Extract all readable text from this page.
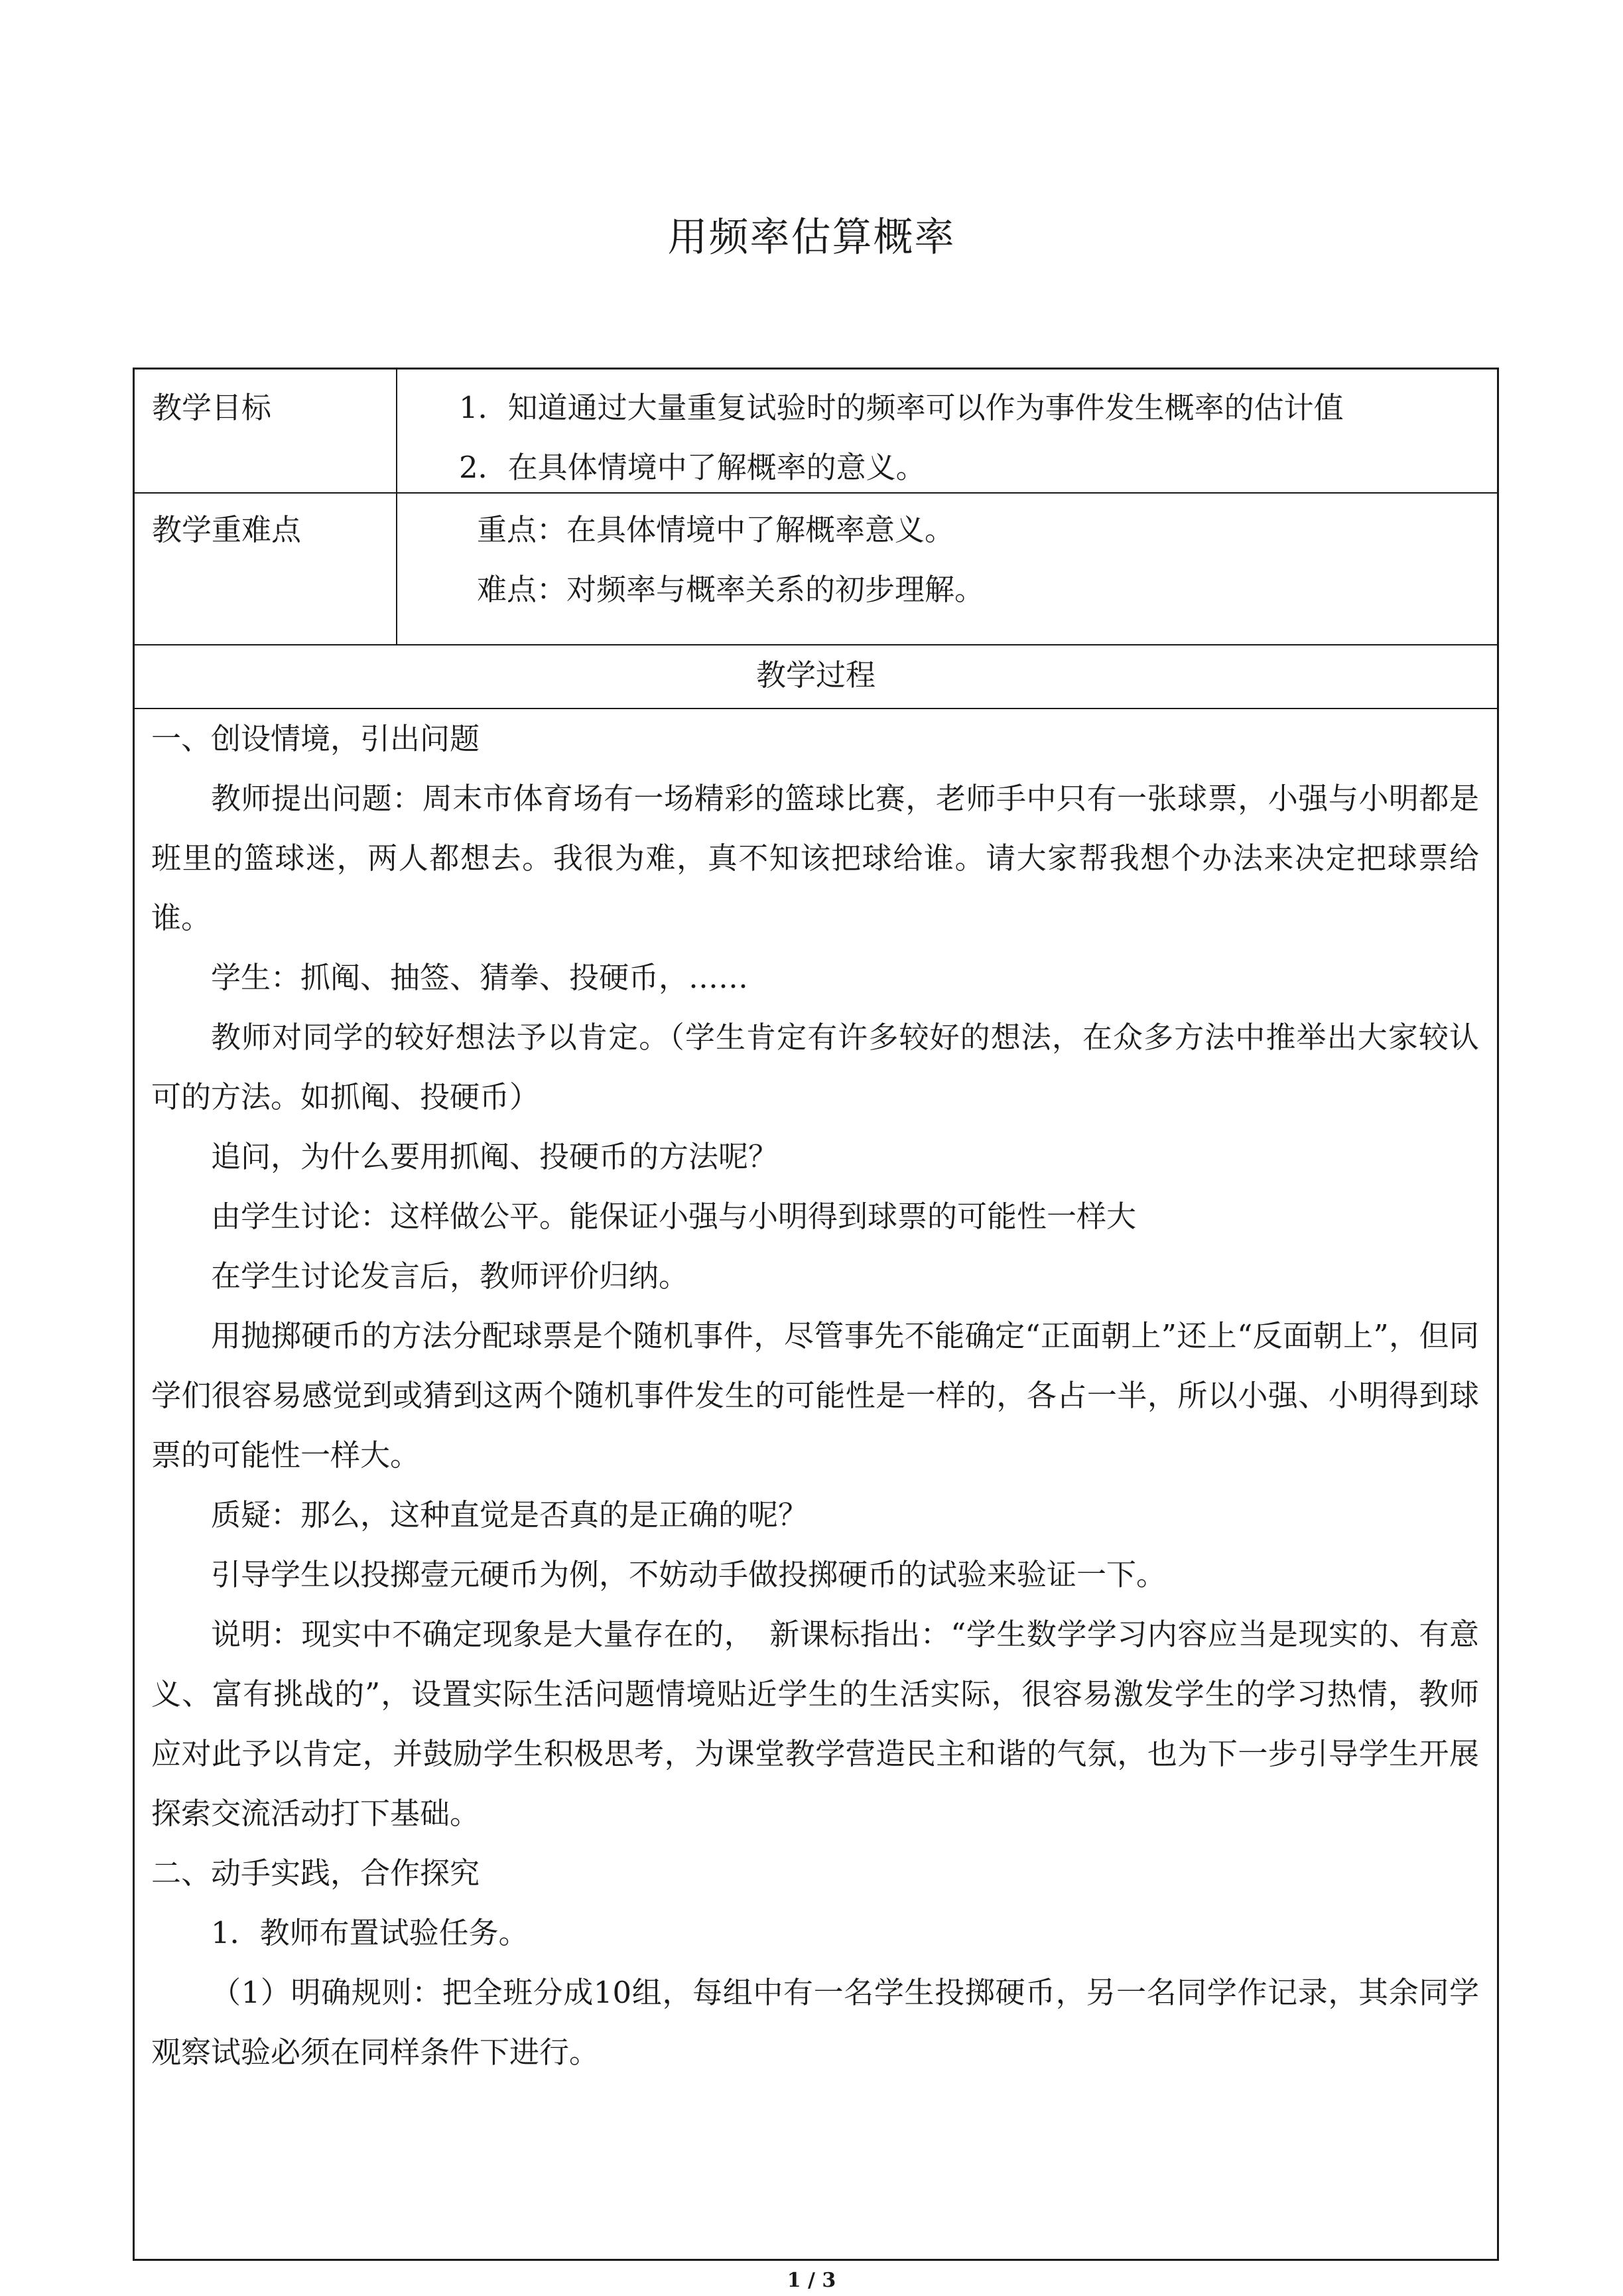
用频率估算概率
教学目标	1．知道通过大量重复试验时的频率可以作为事件发生概率的估计值
2．在具体情境中了解概率的意义。
教学重难点	重点：在具体情境中了解概率意义。
难点：对频率与概率关系的初步理解。
教学过程

一、创设情境，引出问题

教师提出问题：周末市体育场有一场精彩的篮球比赛，老师手中只有一张球票，小强与小明都是班里的篮球迷，两人都想去。我很为难，真不知该把球给谁。请大家帮我想个办法来决定把球票给谁。

学生：抓阄、抽签、猜拳、投硬币，……

教师对同学的较好想法予以肯定。（学生肯定有许多较好的想法，在众多方法中推举出大家较认可的方法。如抓阄、投硬币）

追问，为什么要用抓阄、投硬币的方法呢？

由学生讨论：这样做公平。能保证小强与小明得到球票的可能性一样大

在学生讨论发言后，教师评价归纳。

用抛掷硬币的方法分配球票是个随机事件，尽管事先不能确定“正面朝上”还上“反面朝上”，但同学们很容易感觉到或猜到这两个随机事件发生的可能性是一样的，各占一半，所以小强、小明得到球票的可能性一样大。

质疑：那么，这种直觉是否真的是正确的呢？

引导学生以投掷壹元硬币为例，不妨动手做投掷硬币的试验来验证一下。

说明：现实中不确定现象是大量存在的，　新课标指出：“学生数学学习内容应当是现实的、有意义、富有挑战的”，设置实际生活问题情境贴近学生的生活实际，很容易激发学生的学习热情，教师应对此予以肯定，并鼓励学生积极思考，为课堂教学营造民主和谐的气氛，也为下一步引导学生开展探索交流活动打下基础。

二、动手实践，合作探究

1．教师布置试验任务。

（1）明确规则：把全班分成10组，每组中有一名学生投掷硬币，另一名同学作记录，其余同学观察试验必须在同样条件下进行。

1 / 3
